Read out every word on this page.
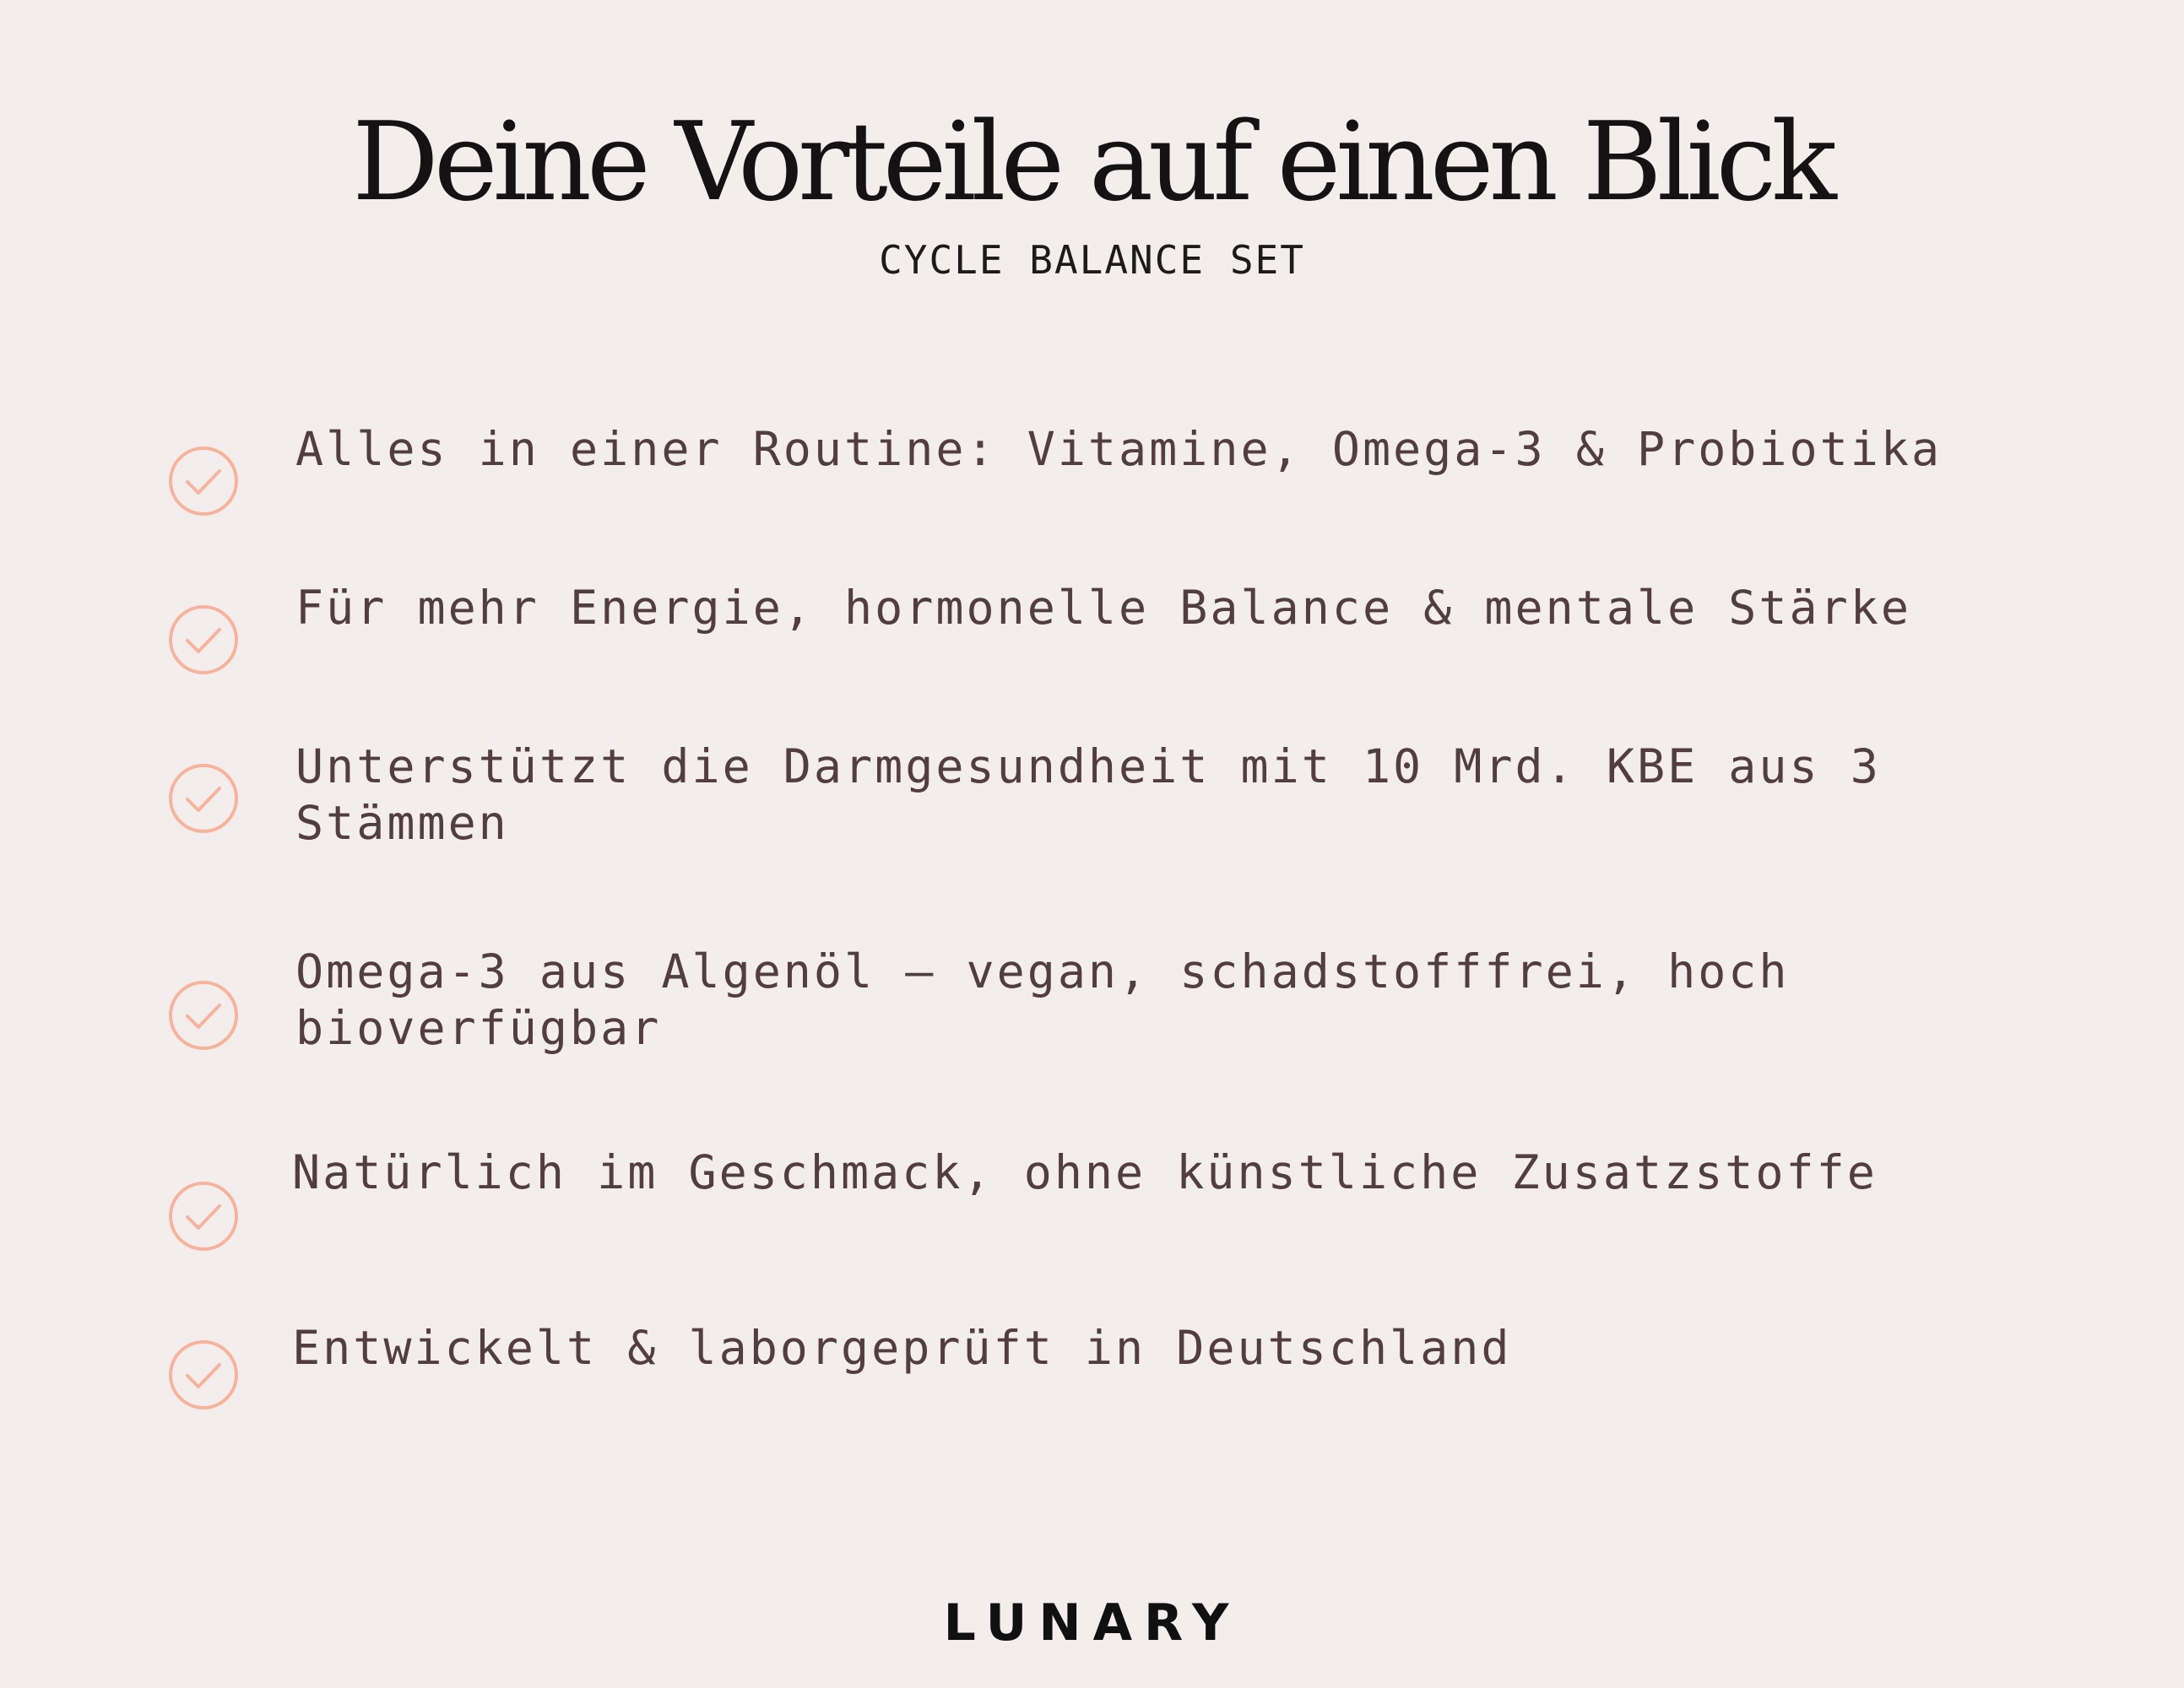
Deine Vorteile auf einen Blick
CYCLE BALANCE SET
Alles in einer Routine: Vitamine, Omega-3 & Probiotika
Für mehr Energie, hormonelle Balance & mentale Stärke
Unterstützt die Darmgesundheit mit 10 Mrd. KBE aus 3 Stämmen
Omega-3 aus Algenöl – vegan, schadstofffrei, hoch bioverfügbar
Natürlich im Geschmack, ohne künstliche Zusatzstoffe
Entwickelt & laborgeprüft in Deutschland
LUNARY
